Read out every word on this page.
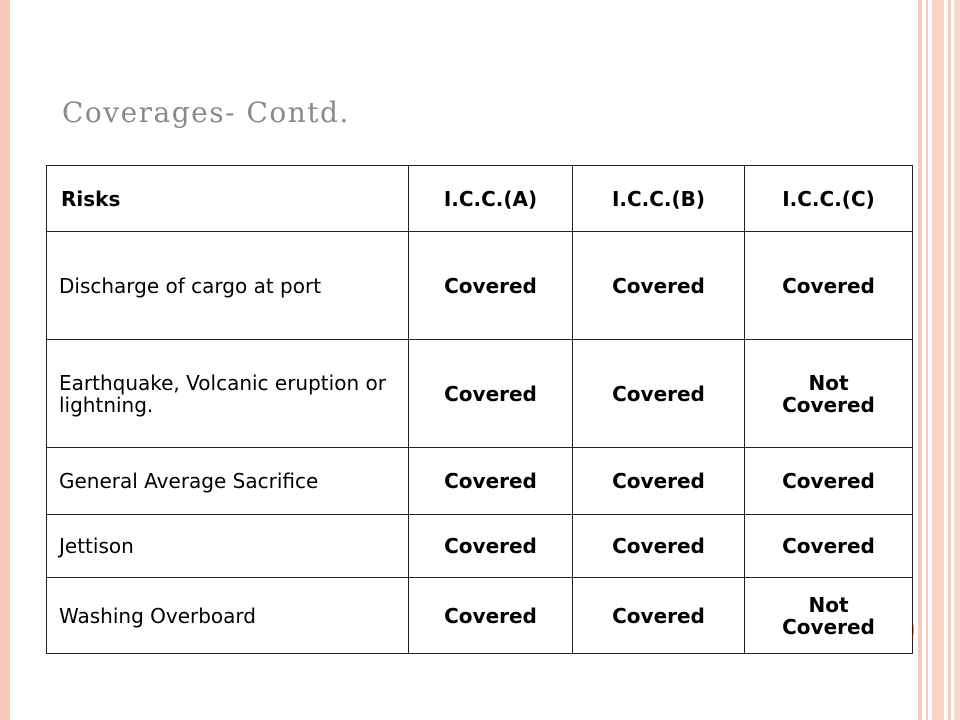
Coverages- Contd.
Risks	I.C.C.(A)	I.C.C.(B)	I.C.C.(C)
Discharge of cargo at port	Covered	Covered	Covered
Earthquake, Volcanic eruption or lightning.	Covered	Covered	Not Covered
General Average Sacrifice	Covered	Covered	Covered
Jettison	Covered	Covered	Covered
Washing Overboard	Covered	Covered	Not Covered
